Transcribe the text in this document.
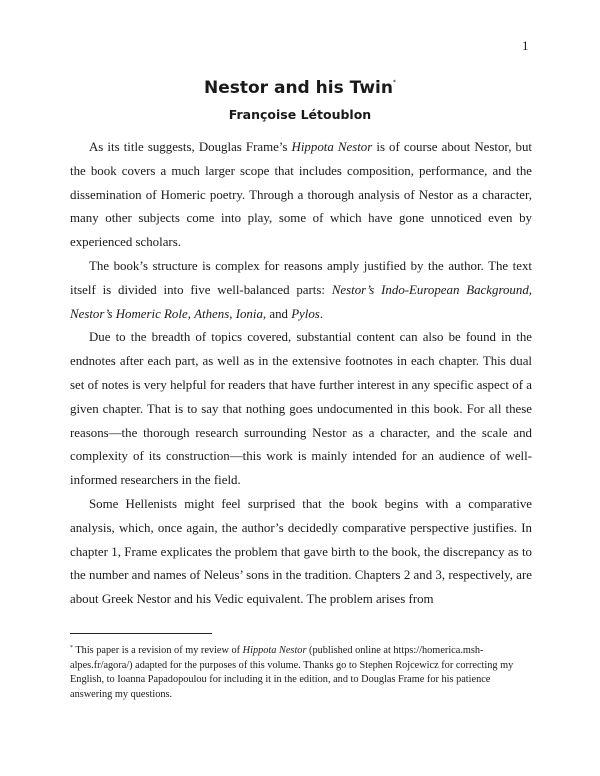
1
Nestor and his Twin*
Françoise Létoublon

As its title suggests, Douglas Frame’s Hippota Nestor is of course about Nestor, but the book covers a much larger scope that includes composition, performance, and the dissemination of Homeric poetry. Through a thorough analysis of Nestor as a character, many other subjects come into play, some of which have gone unnoticed even by experienced scholars.

The book’s structure is complex for reasons amply justified by the author. The text itself is divided into five well-balanced parts: Nestor’s Indo-European Background, Nestor’s Homeric Role, Athens, Ionia, and Pylos.

Due to the breadth of topics covered, substantial content can also be found in the endnotes after each part, as well as in the extensive footnotes in each chapter. This dual set of notes is very helpful for readers that have further interest in any specific aspect of a given chapter. That is to say that nothing goes undocumented in this book. For all these reasons—the thorough research surrounding Nestor as a character, and the scale and complexity of its construction—this work is mainly intended for an audience of well-informed researchers in the field.

Some Hellenists might feel surprised that the book begins with a comparative analysis, which, once again, the author’s decidedly comparative perspective justifies. In chapter 1, Frame explicates the problem that gave birth to the book, the discrepancy as to the number and names of Neleus’ sons in the tradition. Chapters 2 and 3, respectively, are about Greek Nestor and his Vedic equivalent. The problem arises from

* This paper is a revision of my review of Hippota Nestor (published online at https://homerica.msh-alpes.fr/agora/) adapted for the purposes of this volume. Thanks go to Stephen Rojcewicz for correcting my English, to Ioanna Papadopoulou for including it in the edition, and to Douglas Frame for his patience answering my questions.
